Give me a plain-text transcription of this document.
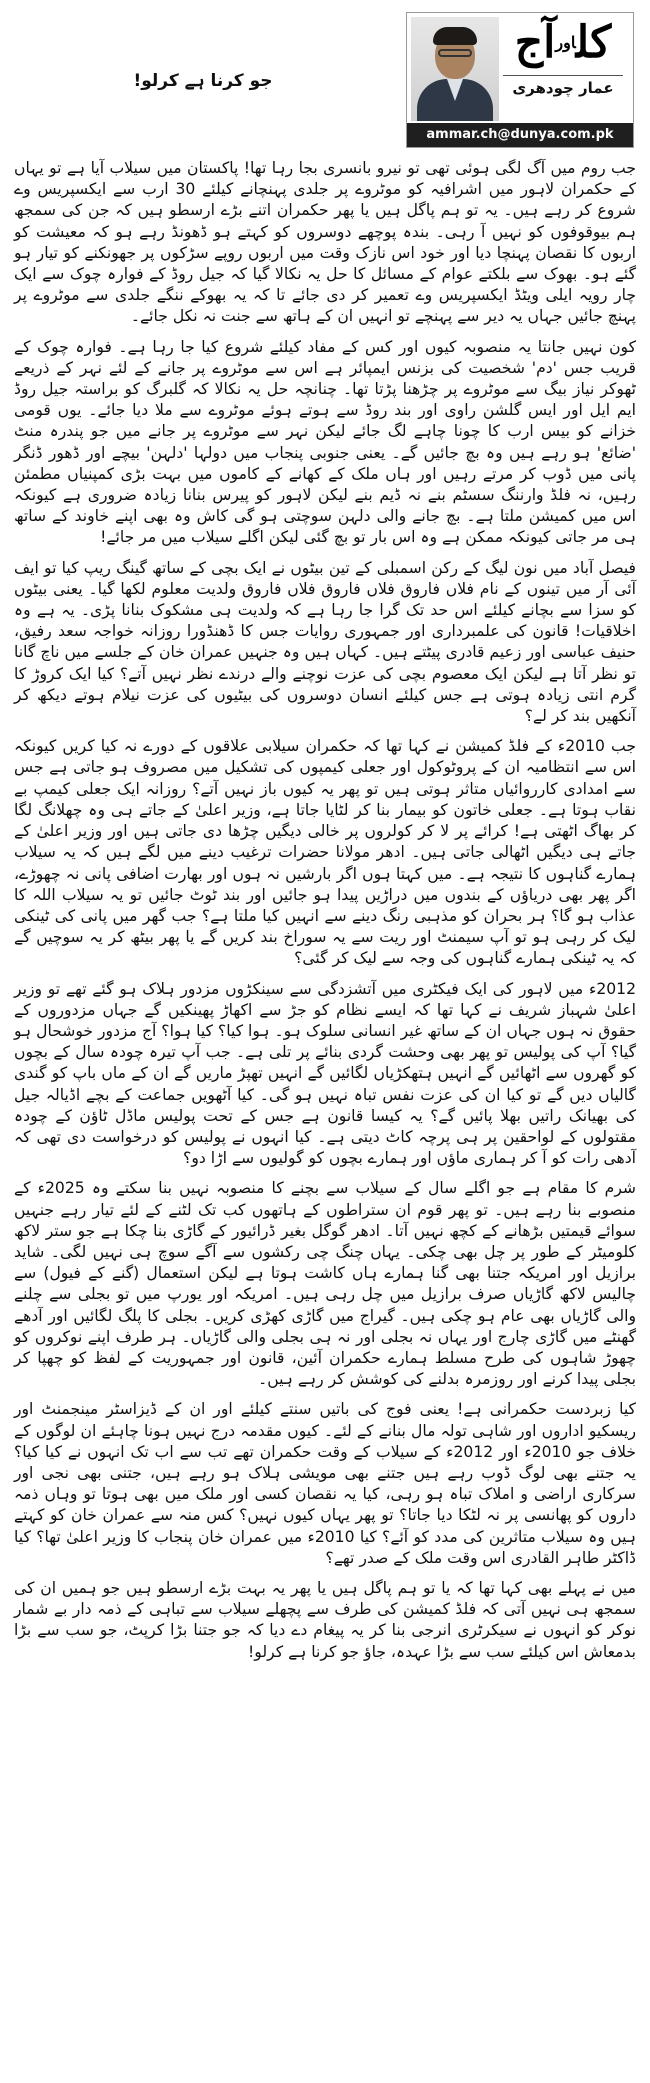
کل$^{اور}$آج
عمار چودھری
ammar.ch@dunya.com.pk
جو کرنا ہے کرلو!

جب روم میں آگ لگی ہوئی تھی تو نیرو بانسری بجا رہا تھا! پاکستان میں سیلاب آیا ہے تو یہاں کے حکمران لاہور میں اشرافیہ کو موٹروے پر جلدی پہنچانے کیلئے 30 ارب سے ایکسپریس وے شروع کر رہے ہیں۔ یہ تو ہم پاگل ہیں یا پھر حکمران اتنے بڑے ارسطو ہیں کہ جن کی سمجھ ہم بیوقوفوں کو نہیں آ رہی۔ بندہ پوچھے دوسروں کو کہتے ہو ڈھونڈ رہے ہو کہ معیشت کو اربوں کا نقصان پہنچا دیا اور خود اس نازک وقت میں اربوں روپے سڑکوں پر جھونکنے کو تیار ہو گئے ہو۔ بھوک سے بلکتے عوام کے مسائل کا حل یہ نکالا گیا کہ جیل روڈ کے فوارہ چوک سے ایک چار رویہ ایلی ویٹڈ ایکسپریس وے تعمیر کر دی جائے تا کہ یہ بھوکے ننگے جلدی سے موٹروے پر پہنچ جائیں جہاں یہ دیر سے پہنچے تو انہیں ان کے ہاتھ سے جنت نہ نکل جائے۔

کون نہیں جانتا یہ منصوبہ کیوں اور کس کے مفاد کیلئے شروع کیا جا رہا ہے۔ فوارہ چوک کے قریب جس 'دم' شخصیت کی بزنس ایمپائر ہے اس سے موٹروے پر جانے کے لئے نہر کے ذریعے ٹھوکر نیاز بیگ سے موٹروے پر چڑھنا پڑتا تھا۔ چنانچہ حل یہ نکالا کہ گلبرگ کو براستہ جیل روڈ ایم ایل اور ایس گلشن راوی اور بند روڈ سے ہوتے ہوئے موٹروے سے ملا دیا جائے۔ یوں قومی خزانے کو بیس ارب کا چونا چاہے لگ جائے لیکن نہر سے موٹروے پر جانے میں جو پندرہ منٹ 'ضائع' ہو رہے ہیں وہ بچ جائیں گے۔ یعنی جنوبی پنجاب میں دولہا 'دلہن' بیچے اور ڈھور ڈنگر پانی میں ڈوب کر مرتے رہیں اور ہاں ملک کے کھانے کے کاموں میں بہت بڑی کمپنیاں مطمئن رہیں، نہ فلڈ وارننگ سسٹم بنے نہ ڈیم بنے لیکن لاہور کو پیرس بنانا زیادہ ضروری ہے کیونکہ اس میں کمیشن ملتا ہے۔ بچ جانے والی دلہن سوچتی ہو گی کاش وہ بھی اپنے خاوند کے ساتھ ہی مر جاتی کیونکہ ممکن ہے وہ اس بار تو بچ گئی لیکن اگلے سیلاب میں مر جائے!

فیصل آباد میں نون لیگ کے رکن اسمبلی کے تین بیٹوں نے ایک بچی کے ساتھ گینگ ریپ کیا تو ایف آئی آر میں تینوں کے نام فلاں فاروق فلاں فاروق فلاں فاروق ولدیت معلوم لکھا گیا۔ یعنی بیٹوں کو سزا سے بچانے کیلئے اس حد تک گرا جا رہا ہے کہ ولدیت ہی مشکوک بنانا پڑی۔ یہ ہے وہ اخلاقیات! قانون کی علمبرداری اور جمہوری روایات جس کا ڈھنڈورا روزانہ خواجہ سعد رفیق، حنیف عباسی اور زعیم قادری پیٹتے ہیں۔ کہاں ہیں وہ جنہیں عمران خان کے جلسے میں ناچ گانا تو نظر آتا ہے لیکن ایک معصوم بچی کی عزت نوچنے والے درندے نظر نہیں آتے؟ کیا ایک کروڑ کا گرم انتی زیادہ ہوتی ہے جس کیلئے انسان دوسروں کی بیٹیوں کی عزت نیلام ہوتے دیکھ کر آنکھیں بند کر لے؟

جب 2010ء کے فلڈ کمیشن نے کہا تھا کہ حکمران سیلابی علاقوں کے دورے نہ کیا کریں کیونکہ اس سے انتظامیہ ان کے پروٹوکول اور جعلی کیمپوں کی تشکیل میں مصروف ہو جاتی ہے جس سے امدادی کارروائیاں متاثر ہوتی ہیں تو پھر یہ کیوں باز نہیں آتے؟ روزانہ ایک جعلی کیمپ بے نقاب ہوتا ہے۔ جعلی خاتون کو بیمار بنا کر لٹایا جاتا ہے، وزیر اعلیٰ کے جاتے ہی وہ چھلانگ لگا کر بھاگ اٹھتی ہے! کرائے پر لا کر کولروں پر خالی دیگیں چڑھا دی جاتی ہیں اور وزیر اعلیٰ کے جاتے ہی دیگیں اٹھالی جاتی ہیں۔ ادھر مولانا حضرات ترغیب دینے میں لگے ہیں کہ یہ سیلاب ہمارے گناہوں کا نتیجہ ہے۔ میں کہتا ہوں اگر بارشیں نہ ہوں اور بھارت اضافی پانی نہ چھوڑے، اگر پھر بھی دریاؤں کے بندوں میں دراڑیں پیدا ہو جائیں اور بند ٹوٹ جائیں تو یہ سیلاب اللہ کا عذاب ہو گا؟ ہر بحران کو مذہبی رنگ دینے سے انہیں کیا ملتا ہے؟ جب گھر میں پانی کی ٹینکی لیک کر رہی ہو تو آپ سیمنٹ اور ریت سے یہ سوراخ بند کریں گے یا پھر بیٹھ کر یہ سوچیں گے کہ یہ ٹینکی ہمارے گناہوں کی وجہ سے لیک کر گئی؟

2012ء میں لاہور کی ایک فیکٹری میں آتشزدگی سے سینکڑوں مزدور ہلاک ہو گئے تھے تو وزیر اعلیٰ شہباز شریف نے کہا تھا کہ ایسے نظام کو جڑ سے اکھاڑ پھینکیں گے جہاں مزدوروں کے حقوق نہ ہوں جہاں ان کے ساتھ غیر انسانی سلوک ہو۔ ہوا کیا؟ کیا ہوا؟ آج مزدور خوشحال ہو گیا؟ آپ کی پولیس تو پھر بھی وحشت گردی بنائے پر تلی ہے۔ جب آپ تیرہ چودہ سال کے بچوں کو گھروں سے اٹھائیں گے انہیں ہتھکڑیاں لگائیں گے انہیں تھپڑ ماریں گے ان کے ماں باپ کو گندی گالیاں دیں گے تو کیا ان کی عزت نفس تباہ نہیں ہو گی۔ کیا آٹھویں جماعت کے بچے اڈیالہ جیل کی بھیانک راتیں بھلا پائیں گے؟ یہ کیسا قانون ہے جس کے تحت پولیس ماڈل ٹاؤن کے چودہ مقتولوں کے لواحقین پر ہی پرچہ کاٹ دیتی ہے۔ کیا انہوں نے پولیس کو درخواست دی تھی کہ آدھی رات کو آ کر ہماری ماؤں اور ہمارے بچوں کو گولیوں سے اڑا دو؟

شرم کا مقام ہے جو اگلے سال کے سیلاب سے بچنے کا منصوبہ نہیں بنا سکتے وہ 2025ء کے منصوبے بنا رہے ہیں۔ تو پھر قوم ان ستراطوں کے ہاتھوں کب تک لٹنے کے لئے تیار رہے جنہیں سوائے قیمتیں بڑھانے کے کچھ نہیں آتا۔ ادھر گوگل بغیر ڈرائیور کے گاڑی بنا چکا ہے جو ستر لاکھ کلومیٹر کے طور پر چل بھی چکی۔ یہاں چنگ چی رکشوں سے آگے سوچ ہی نہیں لگی۔ شاید برازیل اور امریکہ جتنا بھی گنا ہمارے ہاں کاشت ہوتا ہے لیکن استعمال (گنے کے فیول) سے چالیس لاکھ گاڑیاں صرف برازیل میں چل رہی ہیں۔ امریکہ اور یورپ میں تو بجلی سے چلنے والی گاڑیاں بھی عام ہو چکی ہیں۔ گیراج میں گاڑی کھڑی کریں۔ بجلی کا پلگ لگائیں اور آدھے گھنٹے میں گاڑی چارج اور یہاں نہ بجلی اور نہ ہی بجلی والی گاڑیاں۔ ہر طرف اپنے نوکروں کو چھوڑ شاہوں کی طرح مسلط ہمارے حکمران آئین، قانون اور جمہوریت کے لفظ کو چھپا کر بجلی پیدا کرنے اور روزمرہ بدلنے کی کوشش کر رہے ہیں۔

کیا زبردست حکمرانی ہے! یعنی فوج کی باتیں سنتے کیلئے اور ان کے ڈیزاسٹر مینجمنٹ اور ریسکیو اداروں اور شاہی تولہ مال بنانے کے لئے۔ کیوں مقدمہ درج نہیں ہونا چاہئے ان لوگوں کے خلاف جو 2010ء اور 2012ء کے سیلاب کے وقت حکمران تھے تب سے اب تک انہوں نے کیا کیا؟ یہ جتنے بھی لوگ ڈوب رہے ہیں جتنے بھی مویشی ہلاک ہو رہے ہیں، جتنی بھی نجی اور سرکاری اراضی و املاک تباہ ہو رہی، کیا یہ نقصان کسی اور ملک میں بھی ہوتا تو وہاں ذمہ داروں کو پھانسی پر نہ لٹکا دیا جاتا؟ تو پھر یہاں کیوں نہیں؟ کس منہ سے عمران خان کو کہتے ہیں وہ سیلاب متاثرین کی مدد کو آئے؟ کیا 2010ء میں عمران خان پنجاب کا وزیر اعلیٰ تھا؟ کیا ڈاکٹر طاہر القادری اس وقت ملک کے صدر تھے؟

میں نے پہلے بھی کہا تھا کہ یا تو ہم پاگل ہیں یا پھر یہ بہت بڑے ارسطو ہیں جو ہمیں ان کی سمجھ ہی نہیں آتی کہ فلڈ کمیشن کی طرف سے پچھلے سیلاب سے تباہی کے ذمہ دار بے شمار نوکر کو انہوں نے سیکرٹری انرجی بنا کر یہ پیغام دے دیا کہ جو جتنا بڑا کرپٹ، جو سب سے بڑا بدمعاش اس کیلئے سب سے بڑا عہدہ، جاؤ جو کرنا ہے کرلو!
